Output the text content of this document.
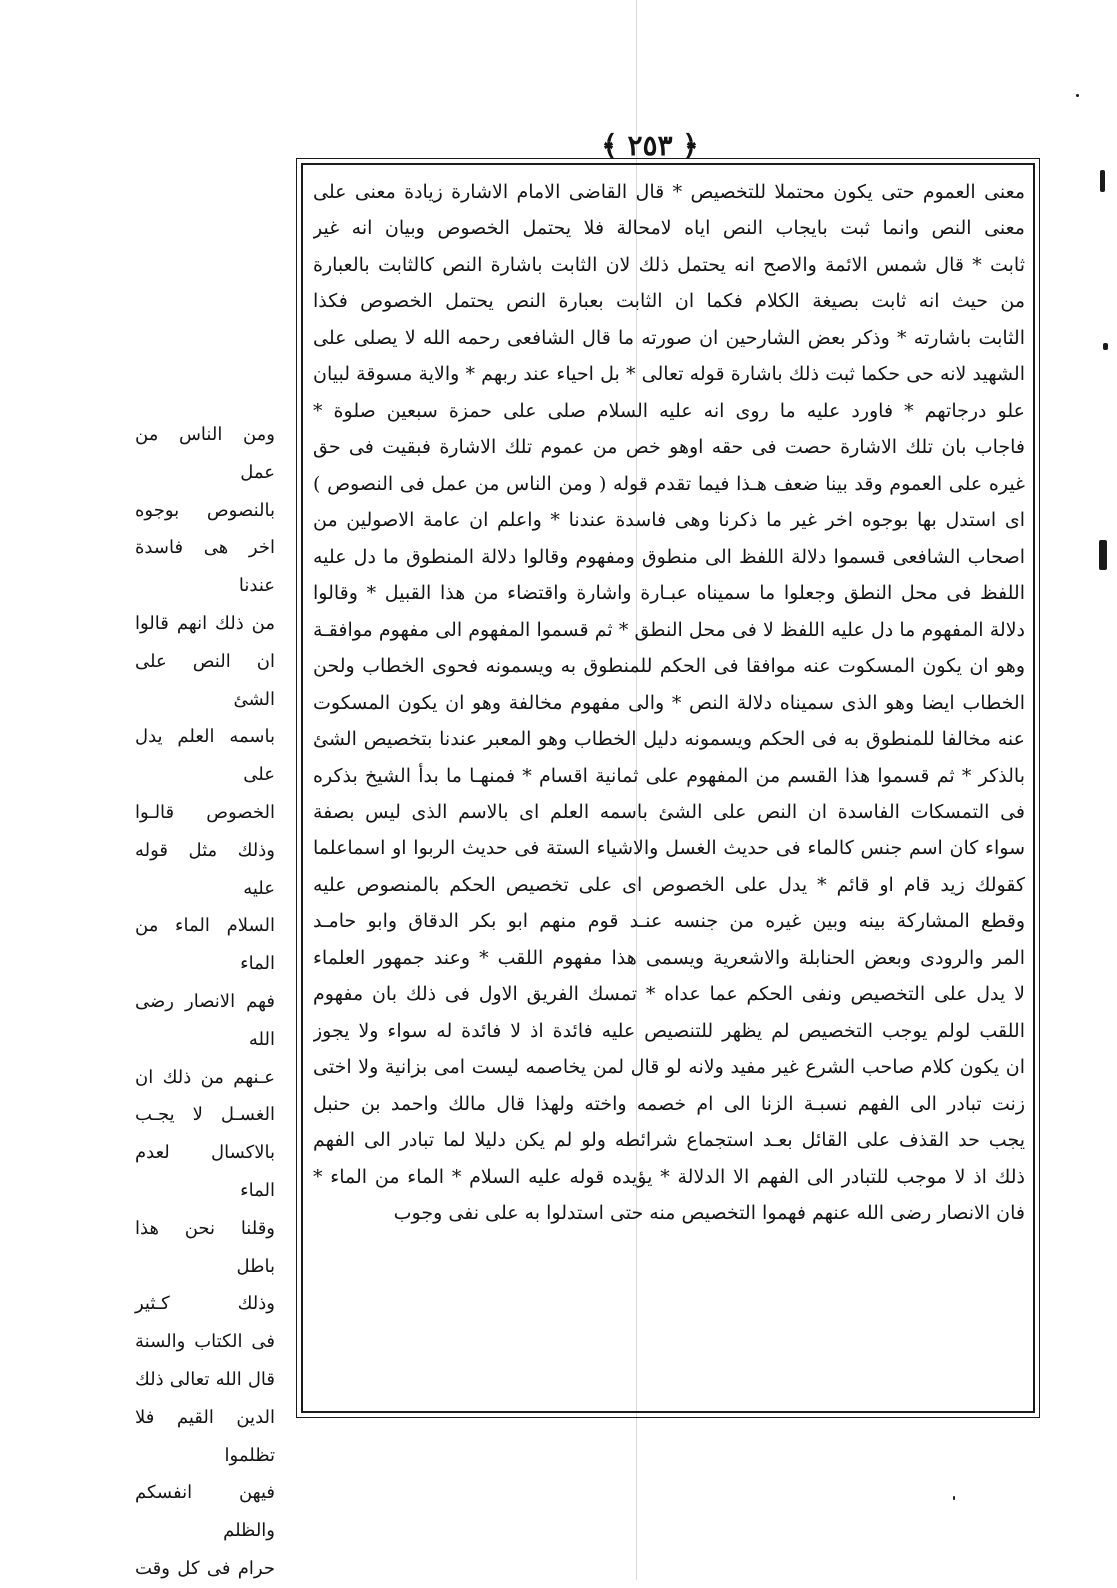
﴿ ٢٥٣ ﴾

معنى العموم حتى يكون محتملا للتخصيص * قال القاضى الامام الاشارة زيادة معنى على

معنى النص وانما ثبت بايجاب النص اياه لامحالة فلا يحتمل الخصوص وبيان انه غير

ثابت * قال شمس الائمة والاصح انه يحتمل ذلك لان الثابت باشارة النص كالثابت بالعبارة

من حيث انه ثابت بصيغة الكلام فكما ان الثابت بعبارة النص يحتمل الخصوص فكذا

الثابت باشارته * وذكر بعض الشارحين ان صورته ما قال الشافعى رحمه الله لا يصلى على

الشهيد لانه حى حكما ثبت ذلك باشارة قوله تعالى * بل احياء عند ربهم * والاية مسوقة لبيان

علو درجاتهم * فاورد عليه ما روى انه عليه السلام صلى على حمزة سبعين صلوة *

فاجاب بان تلك الاشارة حصت فى حقه اوهو خص من عموم تلك الاشارة فبقيت فى حق

غيره على العموم وقد بينا ضعف هـذا فيما تقدم قوله ( ومن الناس من عمل فى النصوص )

اى استدل بها بوجوه اخر غير ما ذكرنا وهى فاسدة عندنا * واعلم ان عامة الاصولين من

اصحاب الشافعى قسموا دلالة اللفظ الى منطوق ومفهوم وقالوا دلالة المنطوق ما دل عليه

اللفظ فى محل النطق وجعلوا ما سميناه عبـارة واشارة واقتضاء من هذا القبيل * وقالوا

دلالة المفهوم ما دل عليه اللفظ لا فى محل النطق * ثم قسموا المفهوم الى مفهوم موافقـة

وهو ان يكون المسكوت عنه موافقا فى الحكم للمنطوق به ويسمونه فحوى الخطاب ولحن

الخطاب ايضا وهو الذى سميناه دلالة النص * والى مفهوم مخالفة وهو ان يكون المسكوت

عنه مخالفا للمنطوق به فى الحكم ويسمونه دليل الخطاب وهو المعبر عندنا بتخصيص الشئ

بالذكر * ثم قسموا هذا القسم من المفهوم على ثمانية اقسام * فمنهـا ما بدأ الشيخ بذكره

فى التمسكات الفاسدة ان النص على الشئ باسمه العلم اى بالاسم الذى ليس بصفة

سواء كان اسم جنس كالماء فى حديث الغسل والاشياء الستة فى حديث الربوا او اسماعلما

كقولك زيد قام او قائم * يدل على الخصوص اى على تخصيص الحكم بالمنصوص عليه

وقطع المشاركة بينه وبين غيره من جنسه عنـد قوم منهم ابو بكر الدقاق وابو حامـد

المر والرودى وبعض الحنابلة والاشعرية ويسمى هذا مفهوم اللقب * وعند جمهور العلماء

لا يدل على التخصيص ونفى الحكم عما عداه * تمسك الفريق الاول فى ذلك بان مفهوم

اللقب لولم يوجب التخصيص لم يظهر للتنصيص عليه فائدة اذ لا فائدة له سواء ولا يجوز

ان يكون كلام صاحب الشرع غير مفيد ولانه لو قال لمن يخاصمه ليست امى بزانية ولا اختى

زنت تبادر الى الفهم نسبـة الزنا الى ام خصمه واخته ولهذا قال مالك واحمد بن حنبل

يجب حد القذف على القائل بعـد استجماع شرائطه ولو لم يكن دليلا لما تبادر الى الفهم

ذلك اذ لا موجب للتبادر الى الفهم الا الدلالة * يؤيده قوله عليه السلام * الماء من الماء *

فان الانصار رضى الله عنهم فهموا التخصيص منه حتى استدلوا به على نفى وجوب

ومن الناس من عمل

بالنصوص بوجوه

اخر هى فاسدة عندنا

من ذلك انهم قالوا

ان النص على الشئ

باسمه العلم يدل على

الخصوص قالـوا

وذلك مثل قوله عليه

السلام الماء من الماء

فهم الانصار رضى الله

عـنهم من ذلك ان

الغسـل لا يجـب

بالاكسال لعدم الماء

وقلنا نحن هذا باطل

وذلك كـثير

فى الكتاب والسنة

قال الله تعالى ذلك

الدين القيم فلا تظلموا

فيهن انفسكم والظلم

حرام فى كل وقت
